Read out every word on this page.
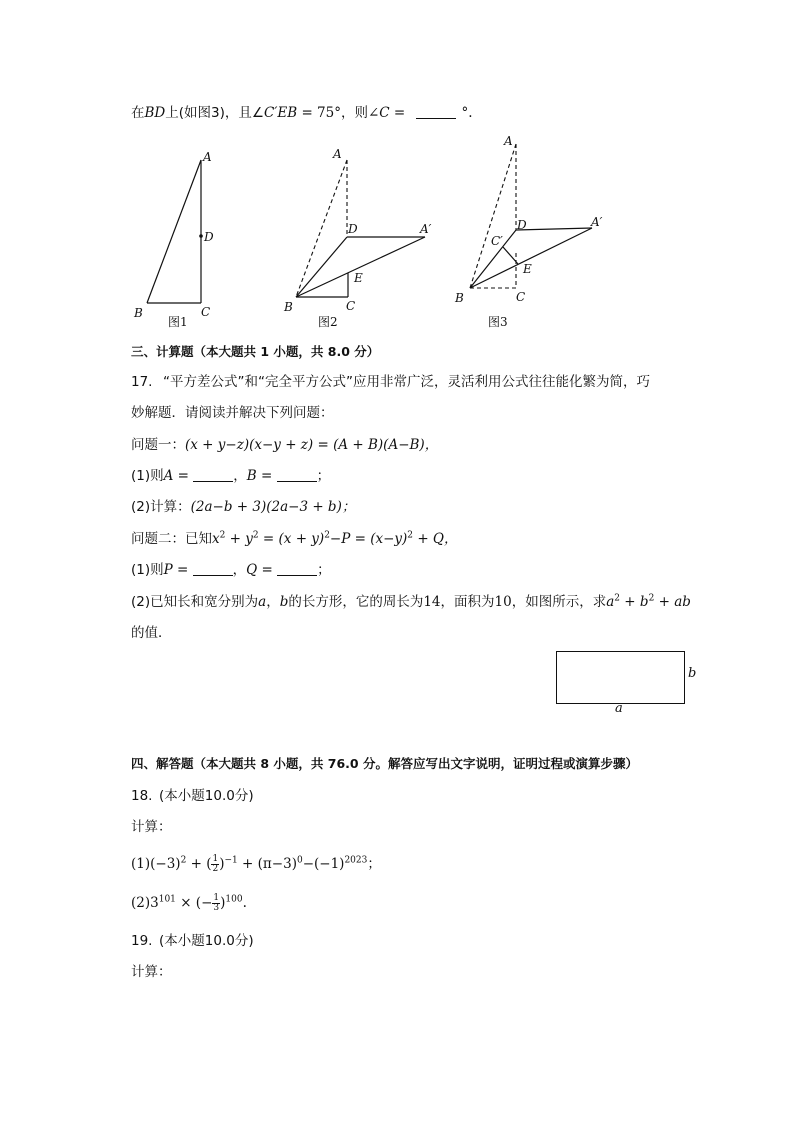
在BD上(如图3)，且∠C′EB = 75°，则∠C =	°.
A
D
B	C
图1
A
D	A′
E
B	C
图2
A
D	A′
C′
E
B	C
图3
三、计算题（本大题共 1 小题，共 8.0 分）
17. “平方差公式”和“完全平方公式”应用非常广泛，灵活利用公式往往能化繁为简，巧
妙解题．请阅读并解决下列问题：
问题一：(x + y−z)(x−y + z) = (A + B)(A−B)，
(1)则A =	，B =	；
(2)计算：(2a−b + 3)(2a−3 + b)；
问题二：已知$x^2 + y^2 = (x + y)^2-P = (x-y)^2 + Q$，
(1)则P =	，Q =	；
(2)已知长和宽分别为a，b的长方形，它的周长为14，面积为10，如图所示，求$a^2 + b^2$ + ab
的值．
b
a
四、解答题（本大题共 8 小题，共 76.0 分。解答应写出文字说明，证明过程或演算步骤）
18. (本小题10.0分)
计算：
$(1)(-3)^2$ + ( $\frac{1}{2} )^{-1} + (\pi-3)^0-(-1)^{2023}$；
$(2)3^{101}$ × (− $\frac{1}{3} )^{100}$.
19. (本小题10.0分)
计算：
